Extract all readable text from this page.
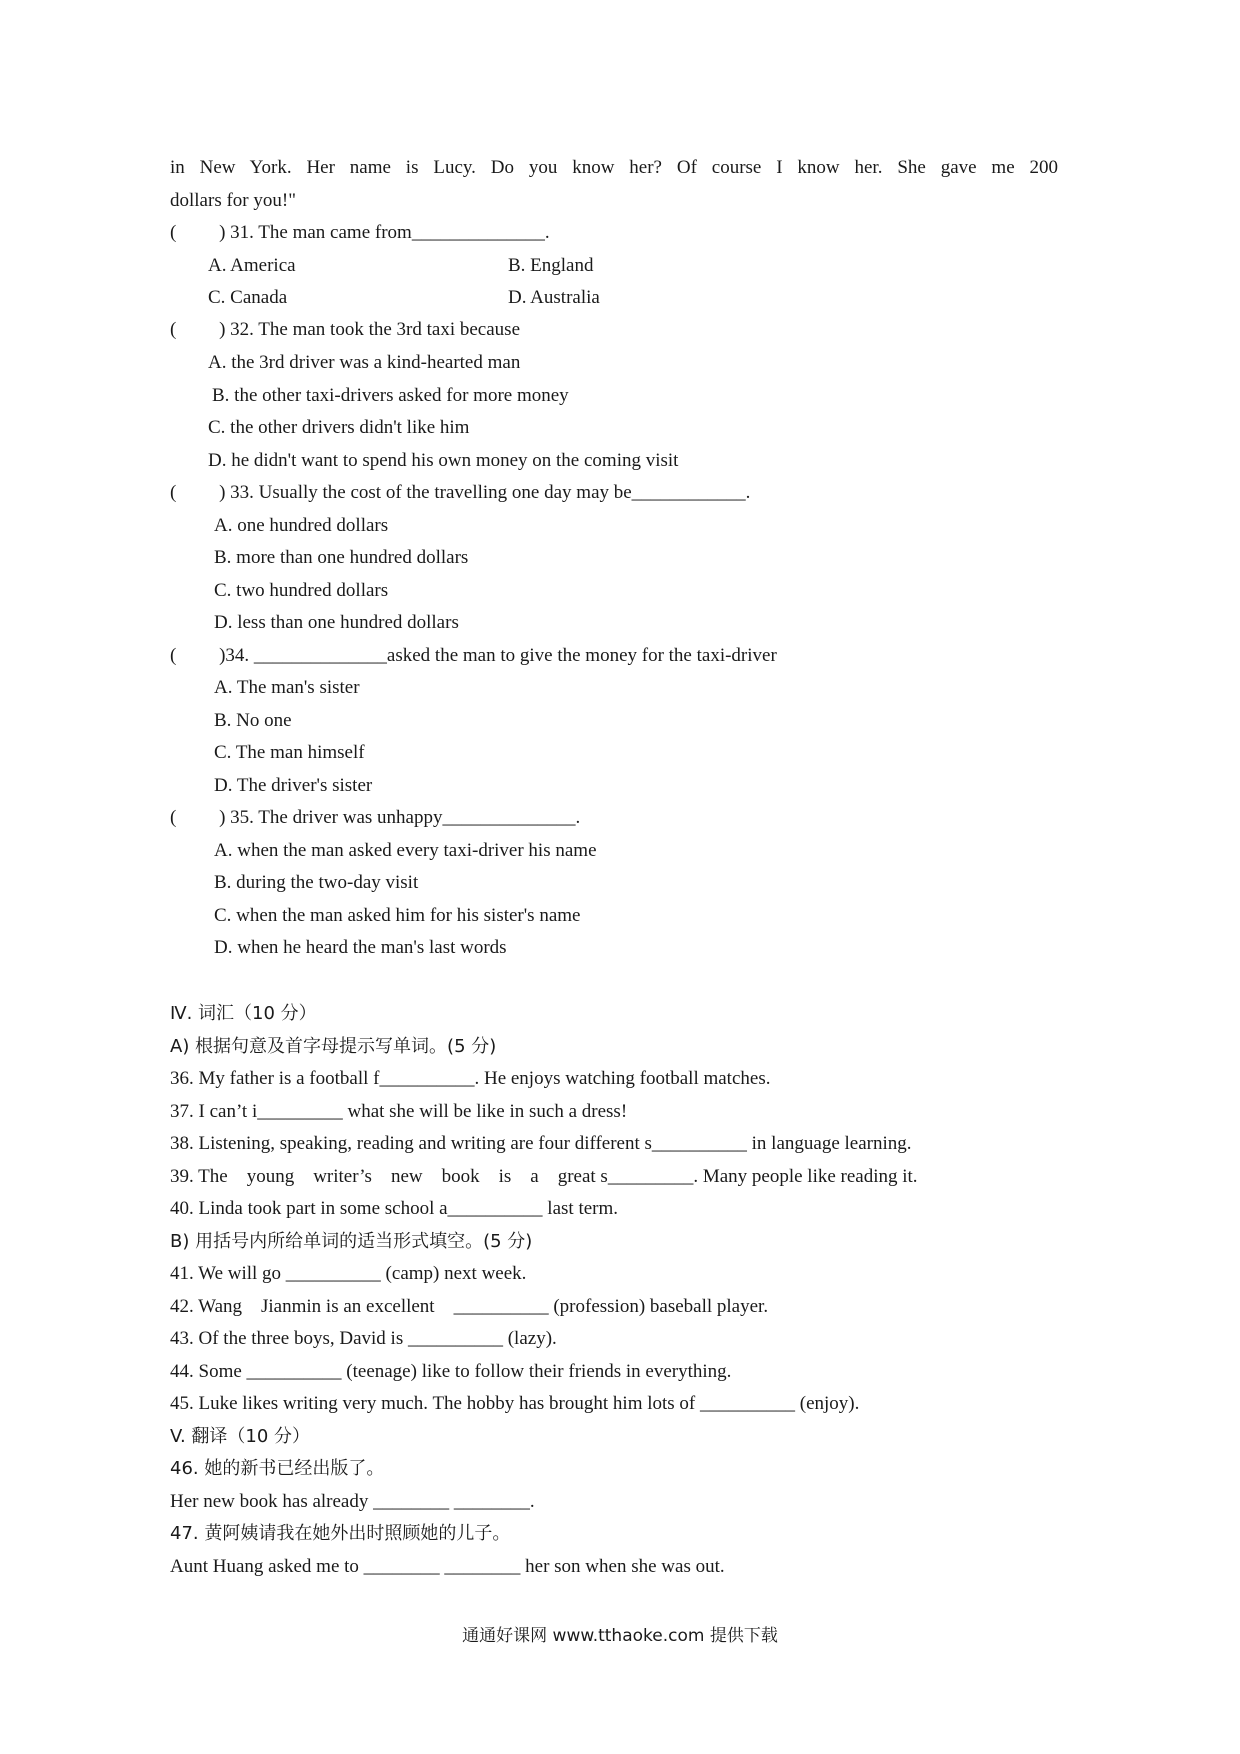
in New York. Her name is Lucy. Do you know her? Of course I know her. She gave me 200
dollars for you!"
(         ) 31. The man came from______________.
A. America	B. England
C. Canada	D. Australia
(         ) 32. The man took the 3rd taxi because
A. the 3rd driver was a kind-hearted man
B. the other taxi-drivers asked for more money
C. the other drivers didn't like him
D. he didn't want to spend his own money on the coming visit
(         ) 33. Usually the cost of the travelling one day may be____________.
A. one hundred dollars
B. more than one hundred dollars
C. two hundred dollars
D. less than one hundred dollars
(         )34. ______________asked the man to give the money for the taxi-driver
A. The man's sister
B. No one
C. The man himself
D. The driver's sister
(         ) 35. The driver was unhappy______________.
A. when the man asked every taxi-driver his name
B. during the two-day visit
C. when the man asked him for his sister's name
D. when he heard the man's last words
Ⅳ. 词汇（10 分）
A) 根据句意及首字母提示写单词。(5 分)
36. My father is a football f__________. He enjoys watching football matches.
37. I can’t i_________ what she will be like in such a dress!
38. Listening, speaking, reading and writing are four different s__________ in language learning.
39. The    young    writer’s    new    book    is    a    great s_________. Many people like reading it.
40. Linda took part in some school a__________ last term.
B) 用括号内所给单词的适当形式填空。(5 分)
41. We will go __________ (camp) next week.
42. Wang    Jianmin is an excellent    __________ (profession) baseball player.
43. Of the three boys, David is __________ (lazy).
44. Some __________ (teenage) like to follow their friends in everything.
45. Luke likes writing very much. The hobby has brought him lots of __________ (enjoy).
V. 翻译（10 分）
46. 她的新书已经出版了。
Her new book has already ________ ________.
47. 黄阿姨请我在她外出时照顾她的儿子。
Aunt Huang asked me to ________ ________ her son when she was out.
通通好课网 www.tthaoke.com 提供下载
